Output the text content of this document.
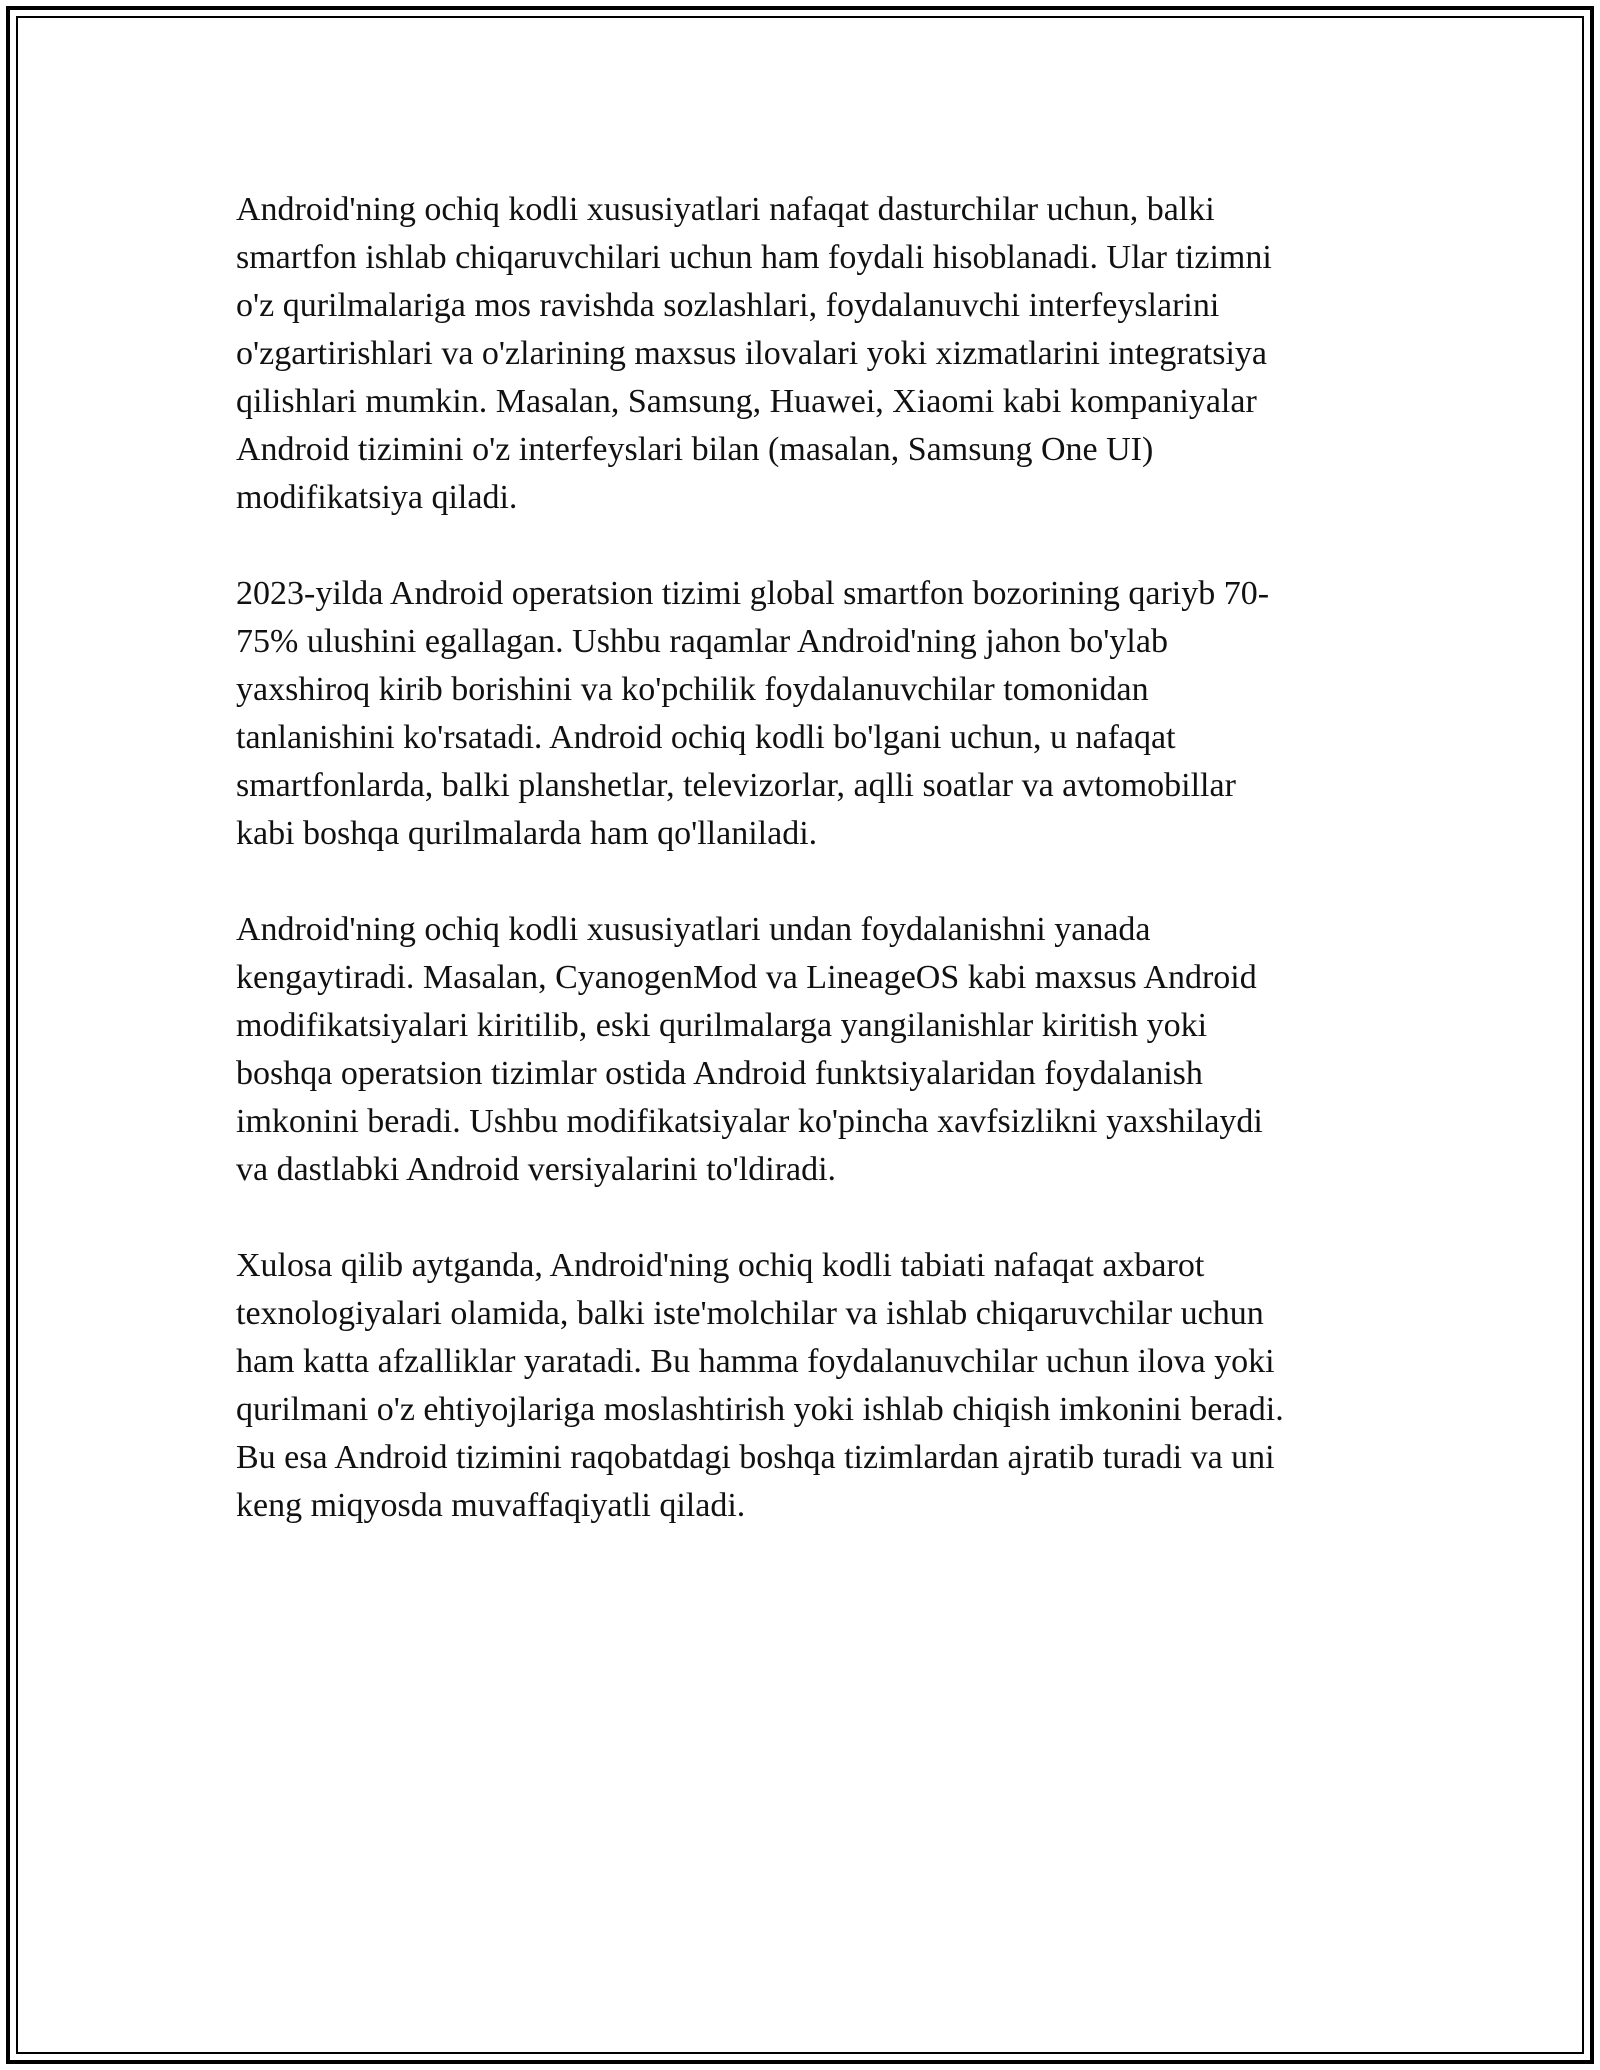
Android'ning ochiq kodli xususiyatlari nafaqat dasturchilar uchun, balki
smartfon ishlab chiqaruvchilari uchun ham foydali hisoblanadi. Ular tizimni
o'z qurilmalariga mos ravishda sozlashlari, foydalanuvchi interfeyslarini
o'zgartirishlari va o'zlarining maxsus ilovalari yoki xizmatlarini integratsiya
qilishlari mumkin. Masalan, Samsung, Huawei, Xiaomi kabi kompaniyalar
Android tizimini o'z interfeyslari bilan (masalan, Samsung One UI)
modifikatsiya qiladi.

2023-yilda Android operatsion tizimi global smartfon bozorining qariyb 70-
75% ulushini egallagan. Ushbu raqamlar Android'ning jahon bo'ylab
yaxshiroq kirib borishini va ko'pchilik foydalanuvchilar tomonidan
tanlanishini ko'rsatadi. Android ochiq kodli bo'lgani uchun, u nafaqat
smartfonlarda, balki planshetlar, televizorlar, aqlli soatlar va avtomobillar
kabi boshqa qurilmalarda ham qo'llaniladi.

Android'ning ochiq kodli xususiyatlari undan foydalanishni yanada
kengaytiradi. Masalan, CyanogenMod va LineageOS kabi maxsus Android
modifikatsiyalari kiritilib, eski qurilmalarga yangilanishlar kiritish yoki
boshqa operatsion tizimlar ostida Android funktsiyalaridan foydalanish
imkonini beradi. Ushbu modifikatsiyalar ko'pincha xavfsizlikni yaxshilaydi
va dastlabki Android versiyalarini to'ldiradi.

Xulosa qilib aytganda, Android'ning ochiq kodli tabiati nafaqat axbarot
texnologiyalari olamida, balki iste'molchilar va ishlab chiqaruvchilar uchun
ham katta afzalliklar yaratadi. Bu hamma foydalanuvchilar uchun ilova yoki
qurilmani o'z ehtiyojlariga moslashtirish yoki ishlab chiqish imkonini beradi.
Bu esa Android tizimini raqobatdagi boshqa tizimlardan ajratib turadi va uni
keng miqyosda muvaffaqiyatli qiladi.
